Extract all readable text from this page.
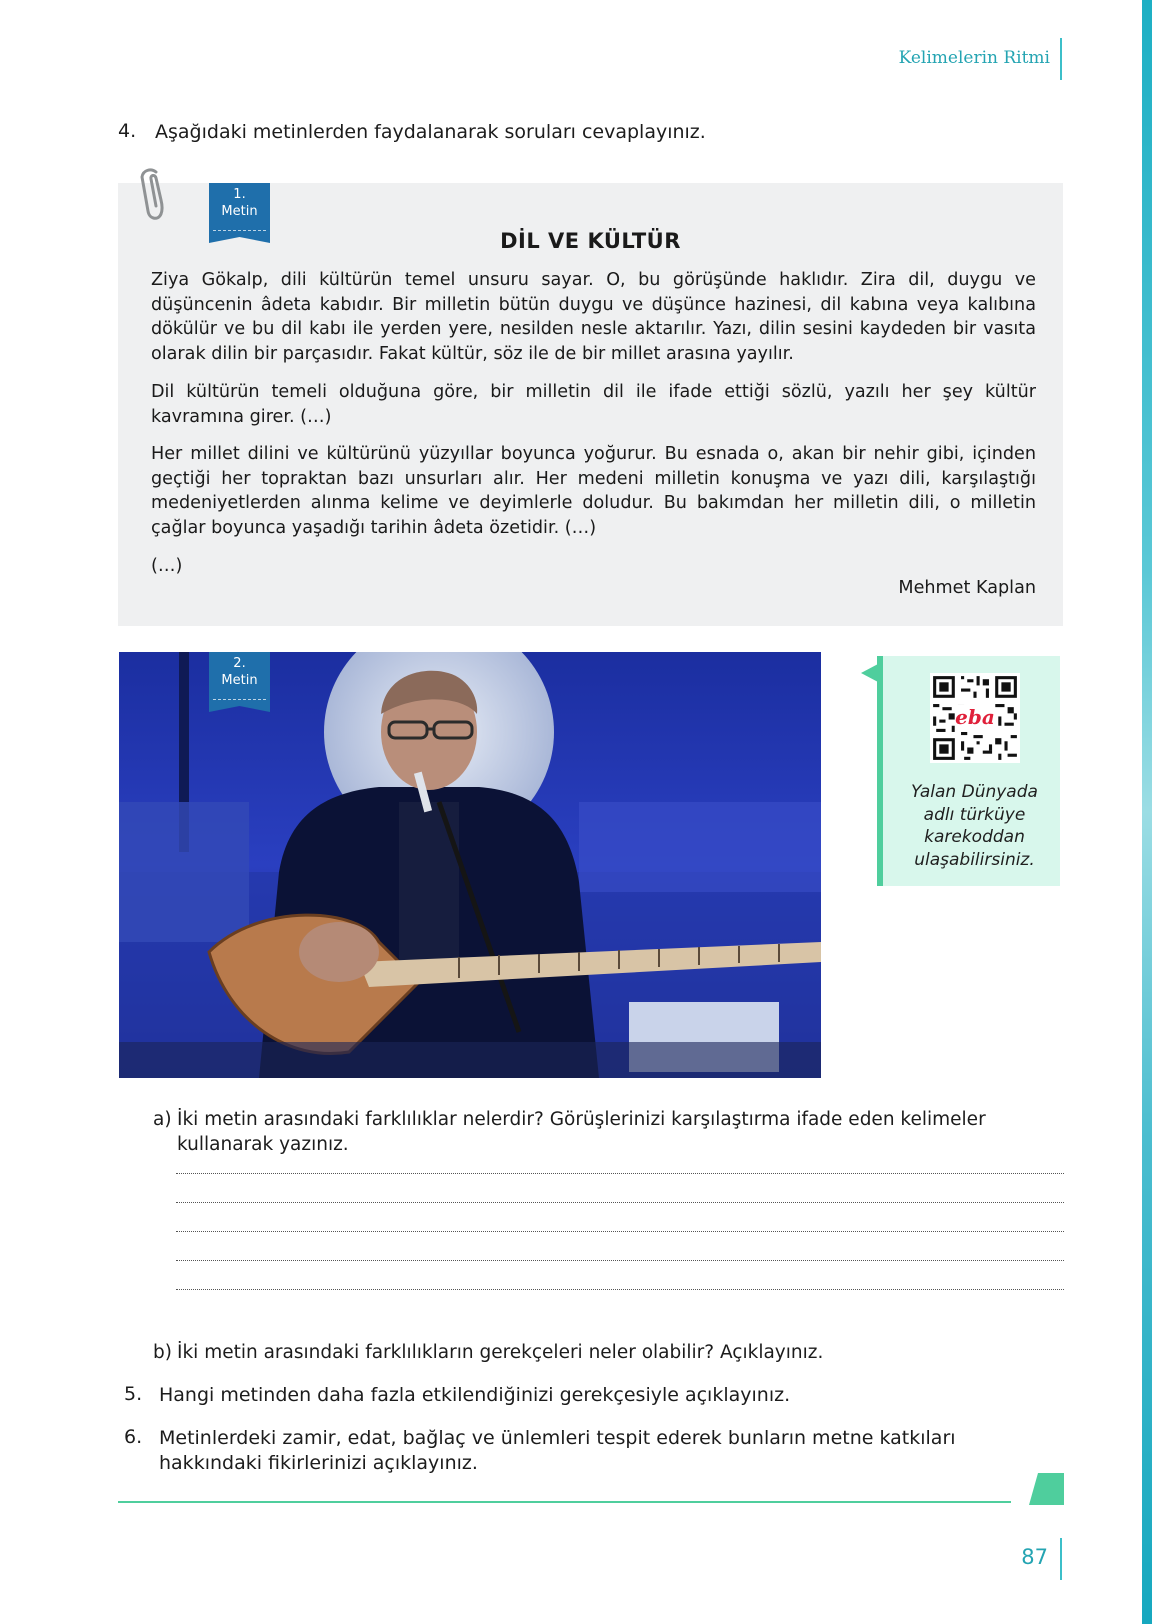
Kelimelerin Ritmi
4. Aşağıdaki metinlerden faydalanarak soruları cevaplayınız.
1.
Metin
DİL VE KÜLTÜR
Ziya Gökalp, dili kültürün temel unsuru sayar. O, bu görüşünde haklıdır. Zira dil, duygu ve düşüncenin âdeta kabıdır. Bir milletin bütün duygu ve düşünce hazinesi, dil kabına veya kalıbına dökülür ve bu dil kabı ile yerden yere, nesilden nesle aktarılır. Yazı, dilin sesini kaydeden bir vasıta olarak dilin bir parçasıdır. Fakat kültür, söz ile de bir millet arasına yayılır.
Dil kültürün temeli olduğuna göre, bir milletin dil ile ifade ettiği sözlü, yazılı her şey kültür kavramına girer. (…)
Her millet dilini ve kültürünü yüzyıllar boyunca yoğurur. Bu esnada o, akan bir nehir gibi, içinden geçtiği her topraktan bazı unsurları alır. Her medeni milletin konuşma ve yazı dili, karşılaştığı medeniyetlerden alınma kelime ve deyimlerle doludur. Bu bakımdan her milletin dili, o milletin çağlar boyunca yaşadığı tarihin âdeta özetidir. (…)
(…)
Mehmet Kaplan
2.
Metin
eba
Yalan Dünyada adlı türküye karekoddan ulaşabilirsiniz.
a) İki metin arasındaki farklılıklar nelerdir? Görüşlerinizi karşılaştırma ifade eden kelimeler kullanarak yazınız.
b) İki metin arasındaki farklılıkların gerekçeleri neler olabilir? Açıklayınız.
5. Hangi metinden daha fazla etkilendiğinizi gerekçesiyle açıklayınız.
6. Metinlerdeki zamir, edat, bağlaç ve ünlemleri tespit ederek bunların metne katkıları hakkındaki fikirlerinizi açıklayınız.
87
